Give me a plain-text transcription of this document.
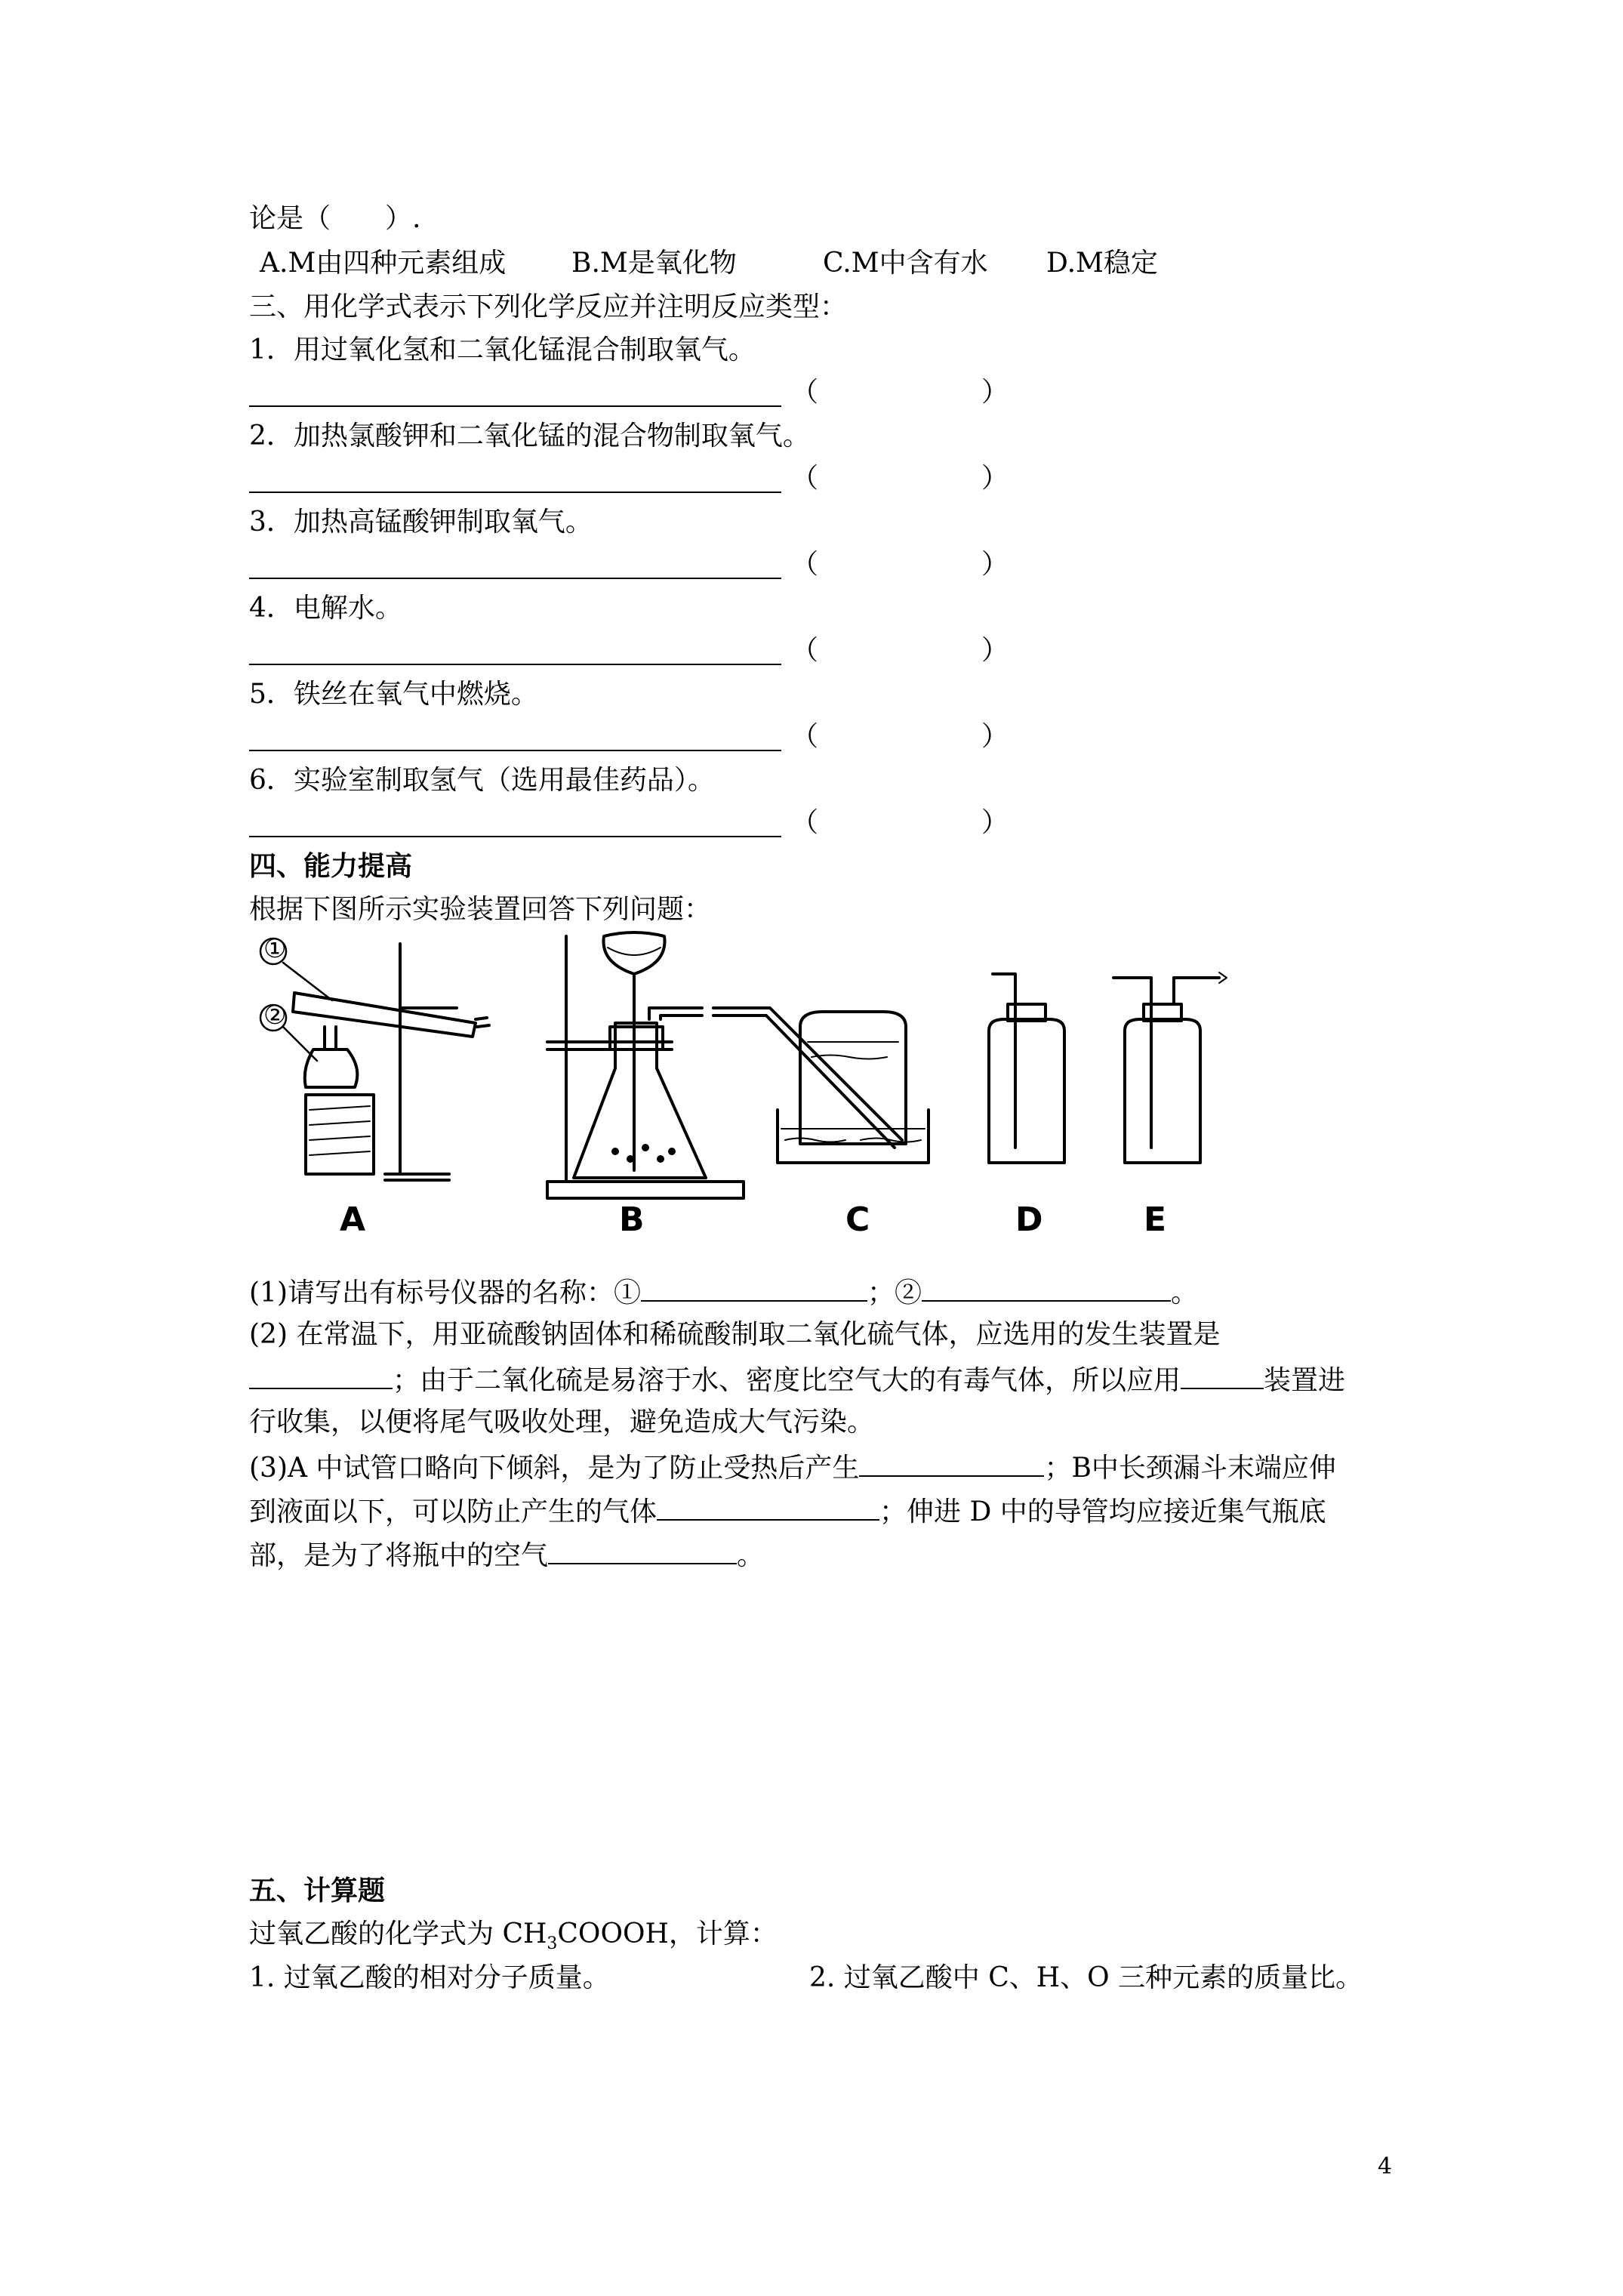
论是（　　）.
A.M由四种元素组成 B.M是氧化物	C.M中含有水 D.M稳定
三、用化学式表示下列化学反应并注明反应类型：
1．用过氧化氢和二氧化锰混合制取氧气。
（	）
2．加热氯酸钾和二氧化锰的混合物制取氧气。
（	）
3．加热高锰酸钾制取氧气。
（	）
4．电解水。
（	）
5．铁丝在氧气中燃烧。
（	）
6．实验室制取氢气（选用最佳药品）。
（	）
四、能力提高
根据下图所示实验装置回答下列问题：
①
②
A	B	C	D	E
(1)请写出有标号仪器的名称：①	；②	。
(2) 在常温下，用亚硫酸钠固体和稀硫酸制取二氧化硫气体，应选用的发生装置是
；由于二氧化硫是易溶于水、密度比空气大的有毒气体，所以应用	装置进
行收集，以便将尾气吸收处理，避免造成大气污染。
(3)A 中试管口略向下倾斜，是为了防止受热后产生	；B中长颈漏斗末端应伸
到液面以下，可以防止产生的气体	；伸进 D 中的导管均应接近集气瓶底
部，是为了将瓶中的空气	。
五、计算题
过氧乙酸的化学式为 $CH_3COOOH$，计算：
1. 过氧乙酸的相对分子质量。	2. 过氧乙酸中 C、H、O 三种元素的质量比。
4
